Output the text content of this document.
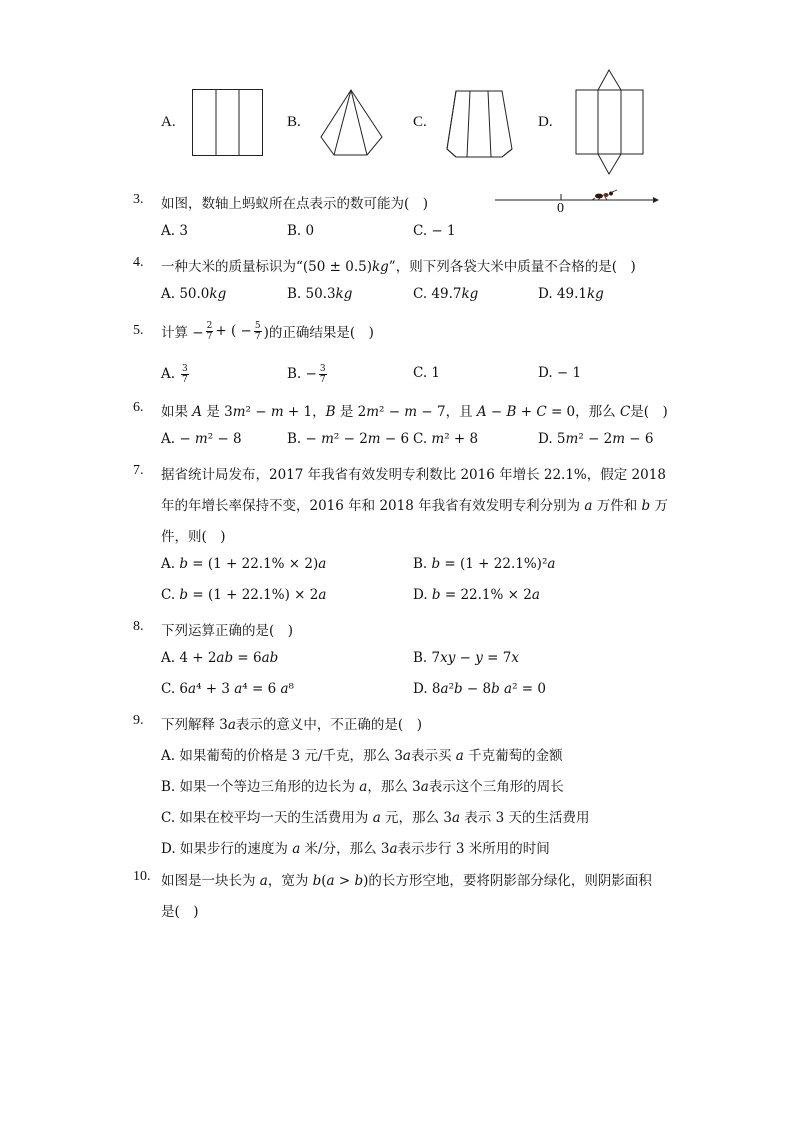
A.	B.	C.	D.
3. 如图，数轴上蚂蚁所在点表示的数可能为(　)	0
A. 3	B. 0	C. − 1
4. 一种大米的质量标识为“(50 ± 0.5)𝑘𝑔”，则下列各袋大米中质量不合格的是(　)
A. 50.0𝑘𝑔	B. 50.3𝑘𝑔	C. 49.7𝑘𝑔	D. 49.1𝑘𝑔
5. 计算 − $\frac{2}{7}$ + ( − $\frac{5}{7}$ )的正确结果是(　)
A. $\frac{3}{7}$	B. − $\frac{3}{7}$	C. 1	D. − 1
6. 如果 𝐴 是 3𝑚² − 𝑚 + 1，𝐵 是 2𝑚² − 𝑚 − 7，且 𝐴 − 𝐵 + 𝐶 = 0，那么 𝐶是(　)
A. − 𝑚² − 8	B. − 𝑚² − 2𝑚 − 6 C. 𝑚² + 8	D. 5𝑚² − 2𝑚 − 6
7. 据省统计局发布，2017 年我省有效发明专利数比 2016 年增长 22.1%，假定 2018
年的年增长率保持不变，2016 年和 2018 年我省有效发明专利分别为 𝑎 万件和 𝑏 万
件，则(　)
A. 𝑏 = (1 + 22.1% × 2)𝑎	B. 𝑏 = (1 + 22.1%)²𝑎
C. 𝑏 = (1 + 22.1%) × 2𝑎	D. 𝑏 = 22.1% × 2𝑎
8. 下列运算正确的是(　)
A. 4 + 2𝑎𝑏 = 6𝑎𝑏	B. 7𝑥𝑦 − 𝑦 = 7𝑥
C. 6𝑎⁴ + 3 𝑎⁴ = 6 𝑎⁸	D. 8𝑎²𝑏 − 8𝑏 𝑎² = 0
9. 下列解释 3𝑎表示的意义中，不正确的是(　)
A. 如果葡萄的价格是 3 元/千克，那么 3𝑎表示买 𝑎 千克葡萄的金额
B. 如果一个等边三角形的边长为 𝑎，那么 3𝑎表示这个三角形的周长
C. 如果在校平均一天的生活费用为 𝑎 元，那么 3𝑎 表示 3 天的生活费用
D. 如果步行的速度为 𝑎 米/分，那么 3𝑎表示步行 3 米所用的时间
10. 如图是一块长为 𝑎，宽为 𝑏(𝑎 > 𝑏)的长方形空地，要将阴影部分绿化，则阴影面积
是(　)
